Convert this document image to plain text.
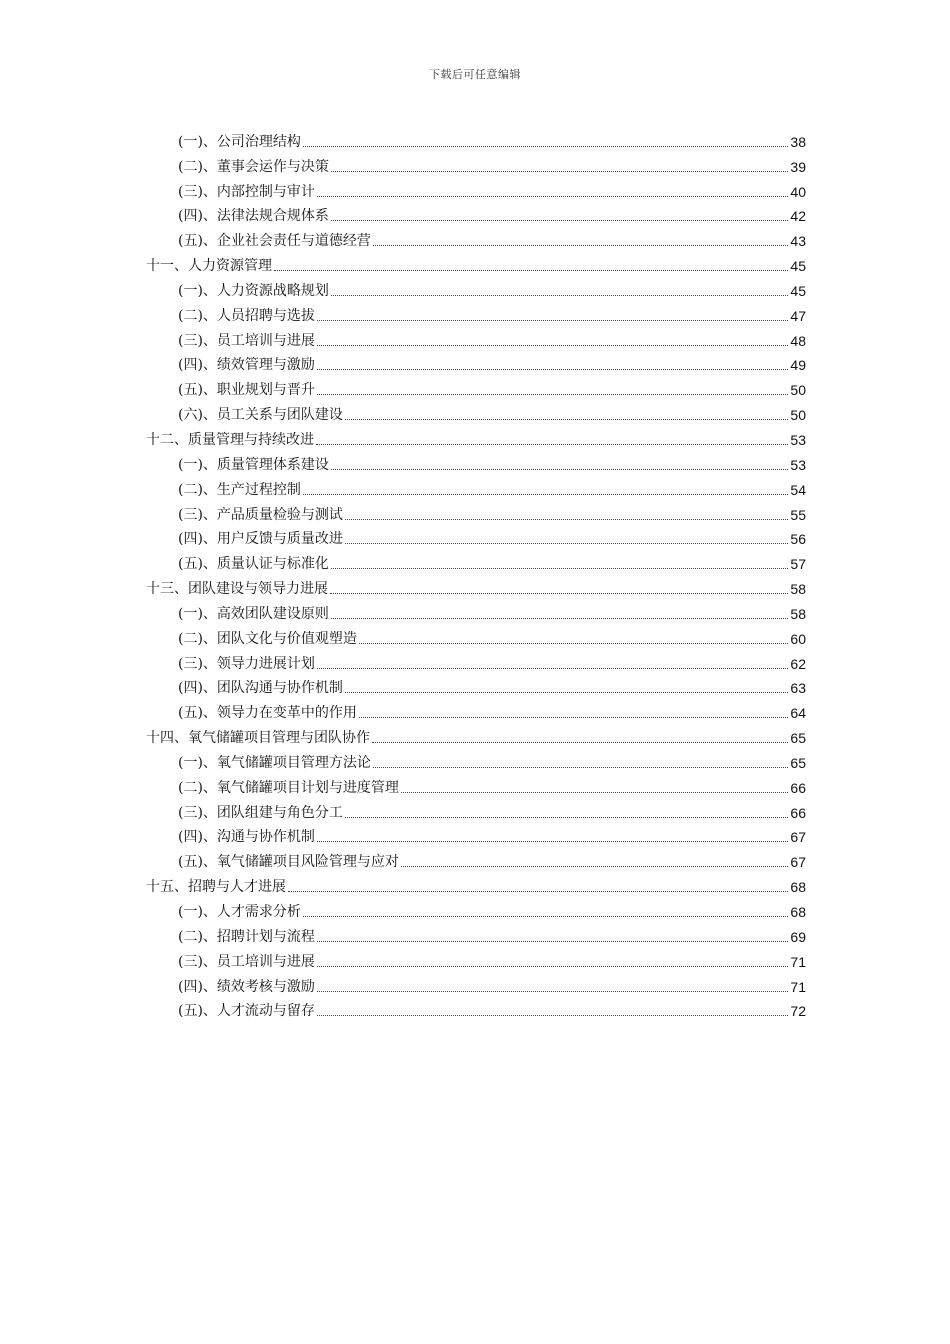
下载后可任意编辑
(一)、公司治理结构	38
(二)、董事会运作与决策	39
(三)、内部控制与审计	40
(四)、法律法规合规体系	42
(五)、企业社会责任与道德经营	43
十一、人力资源管理	45
(一)、人力资源战略规划	45
(二)、人员招聘与选拔	47
(三)、员工培训与进展	48
(四)、绩效管理与激励	49
(五)、职业规划与晋升	50
(六)、员工关系与团队建设	50
十二、质量管理与持续改进	53
(一)、质量管理体系建设	53
(二)、生产过程控制	54
(三)、产品质量检验与测试	55
(四)、用户反馈与质量改进	56
(五)、质量认证与标准化	57
十三、团队建设与领导力进展	58
(一)、高效团队建设原则	58
(二)、团队文化与价值观塑造	60
(三)、领导力进展计划	62
(四)、团队沟通与协作机制	63
(五)、领导力在变革中的作用	64
十四、氧气储罐项目管理与团队协作	65
(一)、氧气储罐项目管理方法论	65
(二)、氧气储罐项目计划与进度管理	66
(三)、团队组建与角色分工	66
(四)、沟通与协作机制	67
(五)、氧气储罐项目风险管理与应对	67
十五、招聘与人才进展	68
(一)、人才需求分析	68
(二)、招聘计划与流程	69
(三)、员工培训与进展	71
(四)、绩效考核与激励	71
(五)、人才流动与留存	72
